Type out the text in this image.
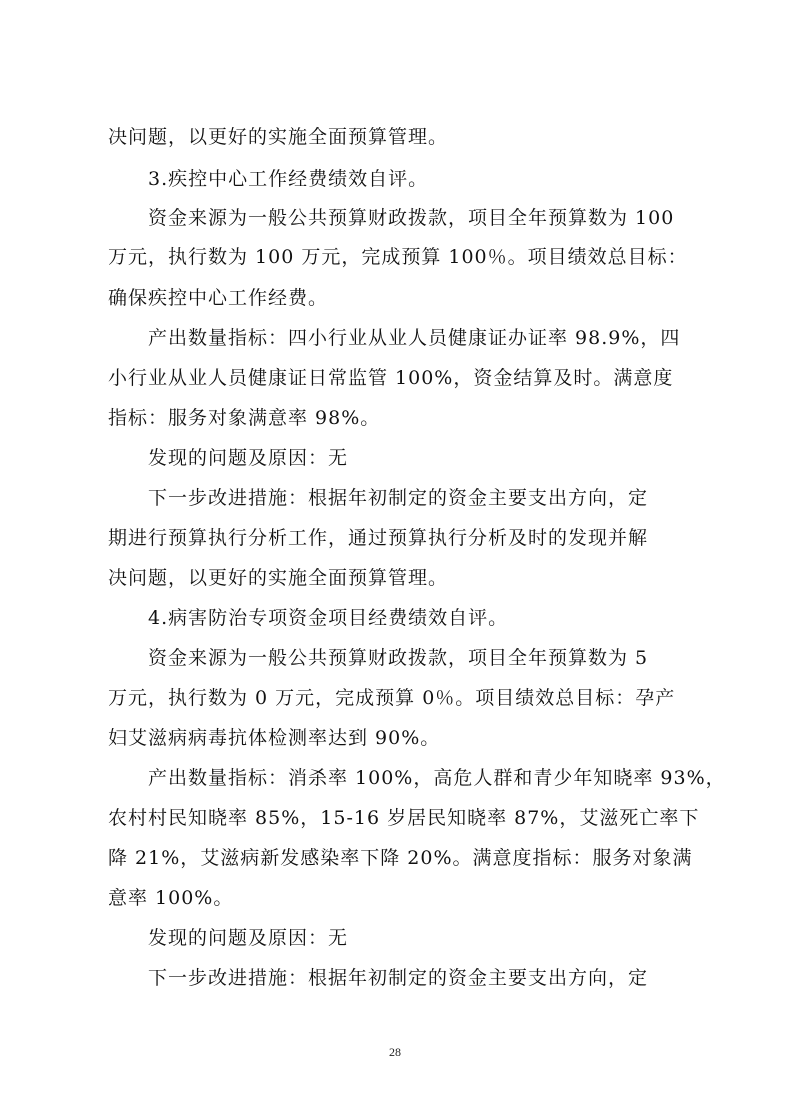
决问题，以更好的实施全面预算管理。
3.疾控中心工作经费绩效自评。
资金来源为一般公共预算财政拨款，项目全年预算数为 100
万元，执行数为 100 万元，完成预算 100％。项目绩效总目标：
确保疾控中心工作经费。
产出数量指标：四小行业从业人员健康证办证率 98.9%，四
小行业从业人员健康证日常监管 100%，资金结算及时。满意度
指标：服务对象满意率 98%。
发现的问题及原因：无
下一步改进措施：根据年初制定的资金主要支出方向，定
期进行预算执行分析工作，通过预算执行分析及时的发现并解
决问题，以更好的实施全面预算管理。
4.病害防治专项资金项目经费绩效自评。
资金来源为一般公共预算财政拨款，项目全年预算数为 5
万元，执行数为 0 万元，完成预算 0％。项目绩效总目标：孕产
妇艾滋病病毒抗体检测率达到 90%。
产出数量指标：消杀率 100%，高危人群和青少年知晓率 93%，
农村村民知晓率 85%，15-16 岁居民知晓率 87%，艾滋死亡率下
降 21%，艾滋病新发感染率下降 20%。满意度指标：服务对象满
意率 100%。
发现的问题及原因：无
下一步改进措施：根据年初制定的资金主要支出方向，定
28
